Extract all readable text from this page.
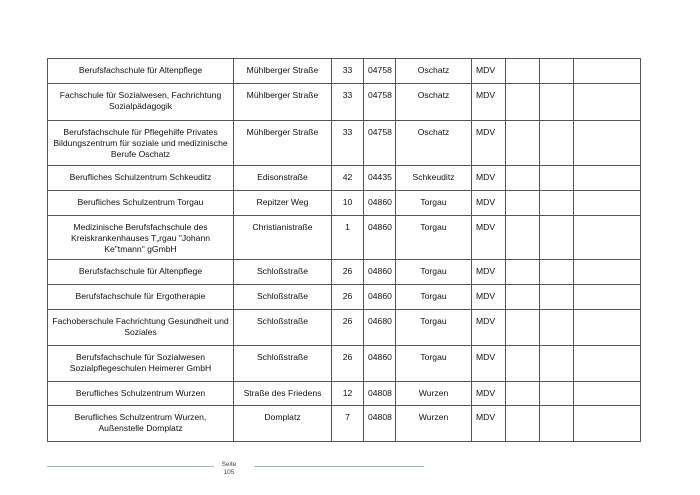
Berufsfachschule für Altenpflege	Mühlberger Straße	33	04758	Oschatz	MDV			
Fachschule für Sozialwesen, Fachrichtung Sozialpädagogik	Mühlberger Straße	33	04758	Oschatz	MDV			
Berufsfachschule für Pflegehilfe Privates Bildungszentrum für soziale und medizinische Berufe Oschatz	Mühlberger Straße	33	04758	Oschatz	MDV			
Berufliches Schulzentrum Schkeuditz	Edisonstraße	42	04435	Schkeuditz	MDV			
Berufliches Schulzentrum Torgau	Repitzer Weg	10	04860	Torgau	MDV			
Medizinische Berufsfachschule des Kreiskrankenhauses T„rgau "Johann Ke"tmann" gGmbH	Christianistraße	1	04860	Torgau	MDV			
Berufsfachschule für Altenpflege	Schloßstraße	26	04860	Torgau	MDV			
Berufsfachschule für Ergotherapie	Schloßstraße	26	04860	Torgau	MDV			
Fachoberschule Fachrichtung Gesundheit und Soziales	Schloßstraße	26	04680	Torgau	MDV			
Berufsfachschule für Sozialwesen Sozialpflegeschulen Heimerer GmbH	Schloßstraße	26	04860	Torgau	MDV			
Berufliches Schulzentrum Wurzen	Straße des Friedens	12	04808	Wurzen	MDV			
Berufliches Schulzentrum Wurzen, Außenstelle Domplatz	Domplatz	7	04808	Wurzen	MDV			
Seite
105
